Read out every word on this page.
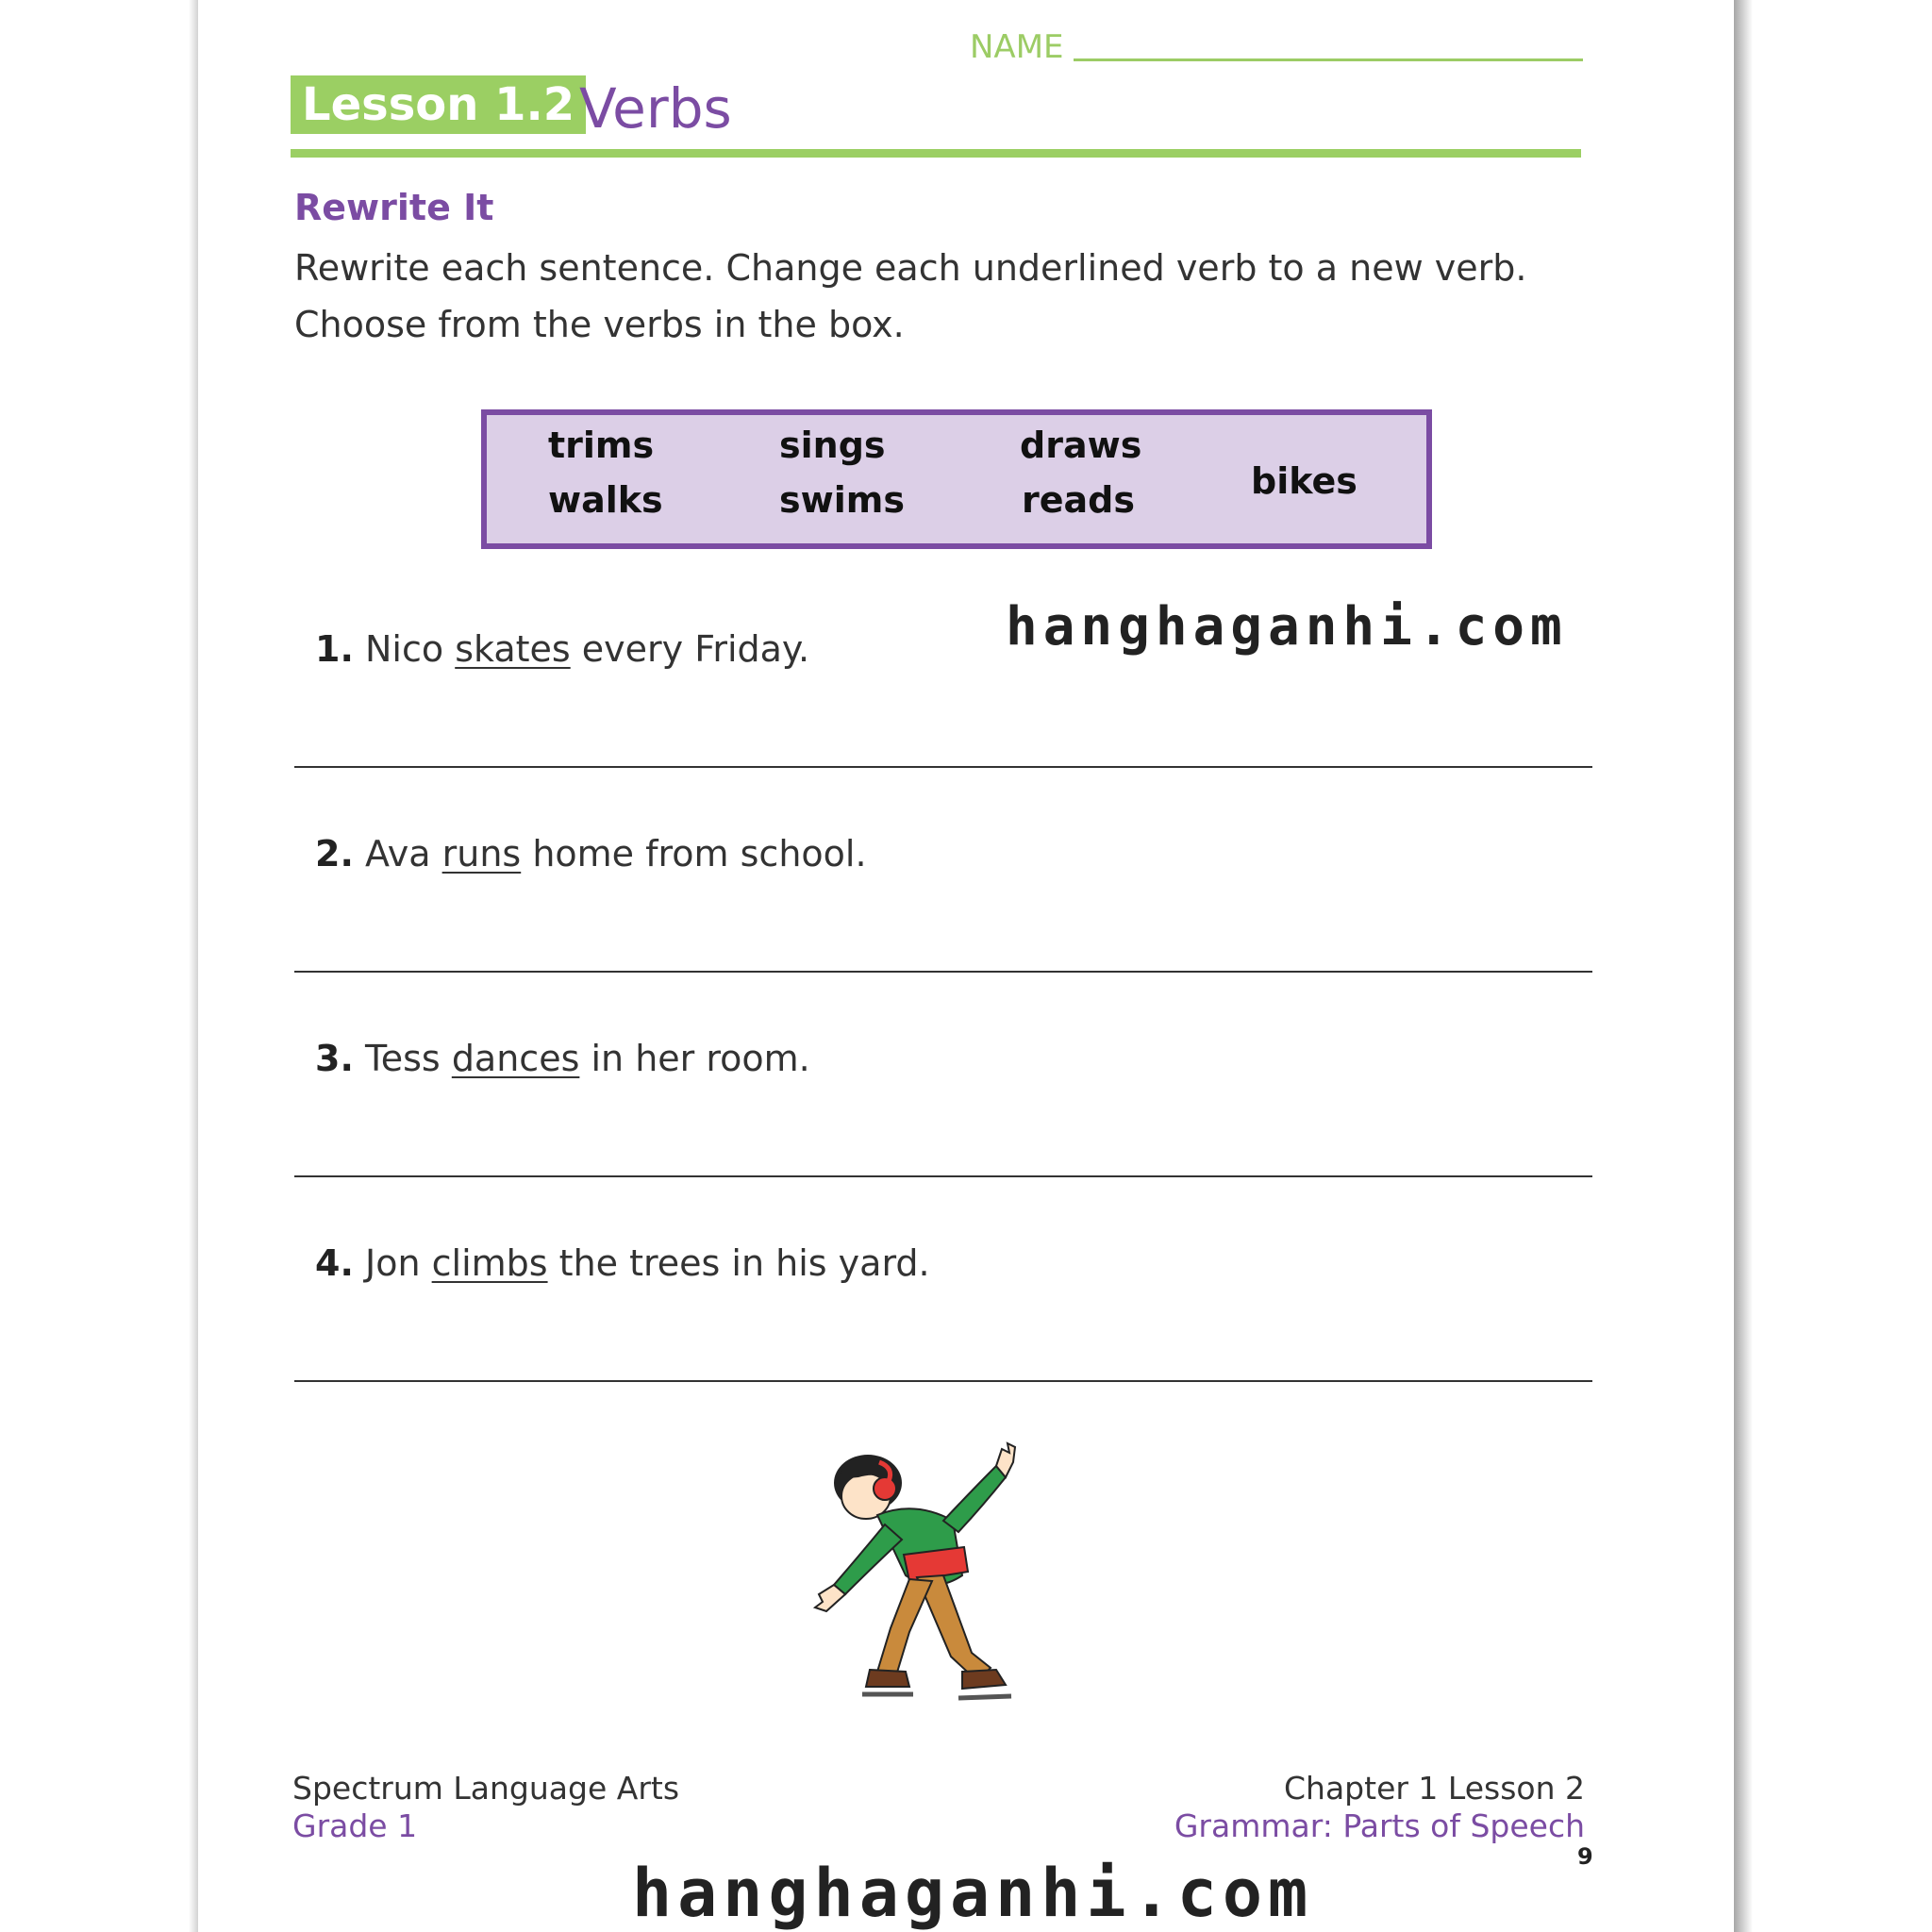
NAME
Lesson 1.2 Verbs
Rewrite It
Rewrite each sentence. Change each underlined verb to a new verb. Choose from the verbs in the box.
trims
walks
sings
swims
draws
reads	bikes
hanghaganhi.com
1. Nico skates every Friday.
2. Ava runs home from school.
3. Tess dances in her room.
4. Jon climbs the trees in his yard.
Spectrum Language Arts
Grade 1
Chapter 1 Lesson 2
Grammar: Parts of Speech
9
hanghaganhi.com
